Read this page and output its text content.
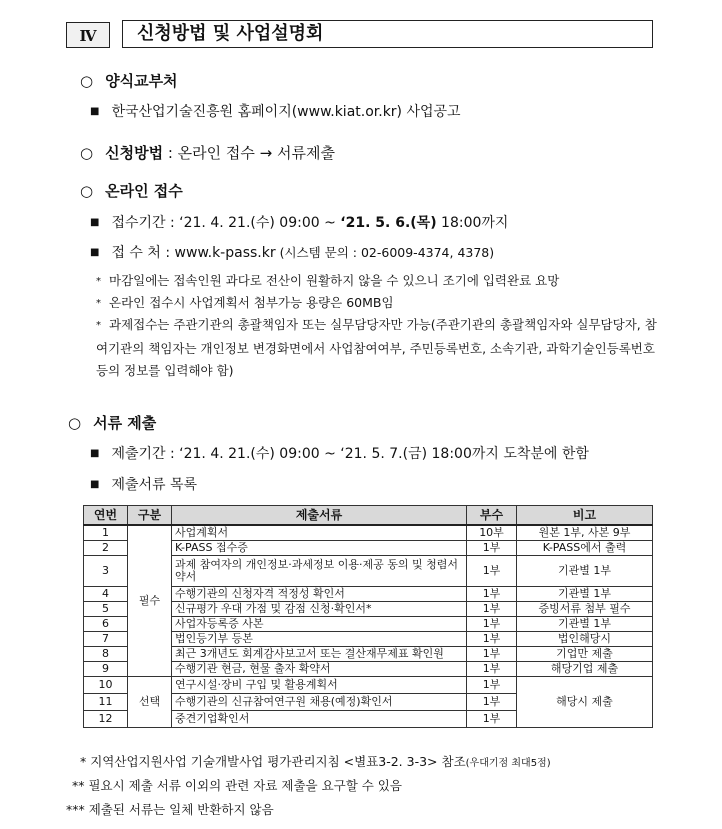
Ⅳ	신청방법 및 사업설명회
○ 양식교부처
■ 한국산업기술진흥원 홈페이지(www.kiat.or.kr) 사업공고
○ 신청방법 : 온라인 접수 → 서류제출
○ 온라인 접수
■ 접수기간 : ‘21. 4. 21.(수) 09:00 ~ ‘21. 5. 6.(목) 18:00까지
■ 접 수 처 : www.k-pass.kr (시스템 문의 : 02-6009-4374, 4378)
* 마감일에는 접속인원 과다로 전산이 원활하지 않을 수 있으니 조기에 입력완료 요망
* 온라인 접수시 사업계획서 첨부가능 용량은 60MB임
* 과제접수는 주관기관의 총괄책임자 또는 실무담당자만 가능(주관기관의 총괄책임자와 실무담당자, 참여기관의 책임자는 개인정보 변경화면에서 사업참여여부, 주민등록번호, 소속기관, 과학기술인등록번호 등의 정보를 입력해야 함)
○ 서류 제출
■ 제출기간 : ‘21. 4. 21.(수) 09:00 ~ ‘21. 5. 7.(금) 18:00까지 도착분에 한함
■ 제출서류 목록
연번	구분	제출서류	부수	비고
1	필수	사업계획서	10부	원본 1부, 사본 9부
2		K-PASS 접수증	1부	K-PASS에서 출력
3		과제 참여자의 개인정보·과세정보 이용·제공 동의 및 청렴서약서	1부	기관별 1부
4		수행기관의 신청자격 적정성 확인서	1부	기관별 1부
5		신규평가 우대 가점 및 감점 신청·확인서*	1부	증빙서류 첨부 필수
6		사업자등록증 사본	1부	기관별 1부
7		법인등기부 등본	1부	법인해당시
8		최근 3개년도 회계감사보고서 또는 결산재무제표 확인원	1부	기업만 제출
9		수행기관 현금, 현물 출자 확약서	1부	해당기업 제출
10	선택	연구시설·장비 구입 및 활용계획서	1부	해당시 제출
11		수행기관의 신규참여연구원 채용(예정)확인서	1부	
12		중견기업확인서	1부	
* 지역산업지원사업 기술개발사업 평가관리지침 <별표3-2. 3-3> 참조(우대기점 최대5점)
** 필요시 제출 서류 이외의 관련 자료 제출을 요구할 수 있음
*** 제출된 서류는 일체 반환하지 않음
